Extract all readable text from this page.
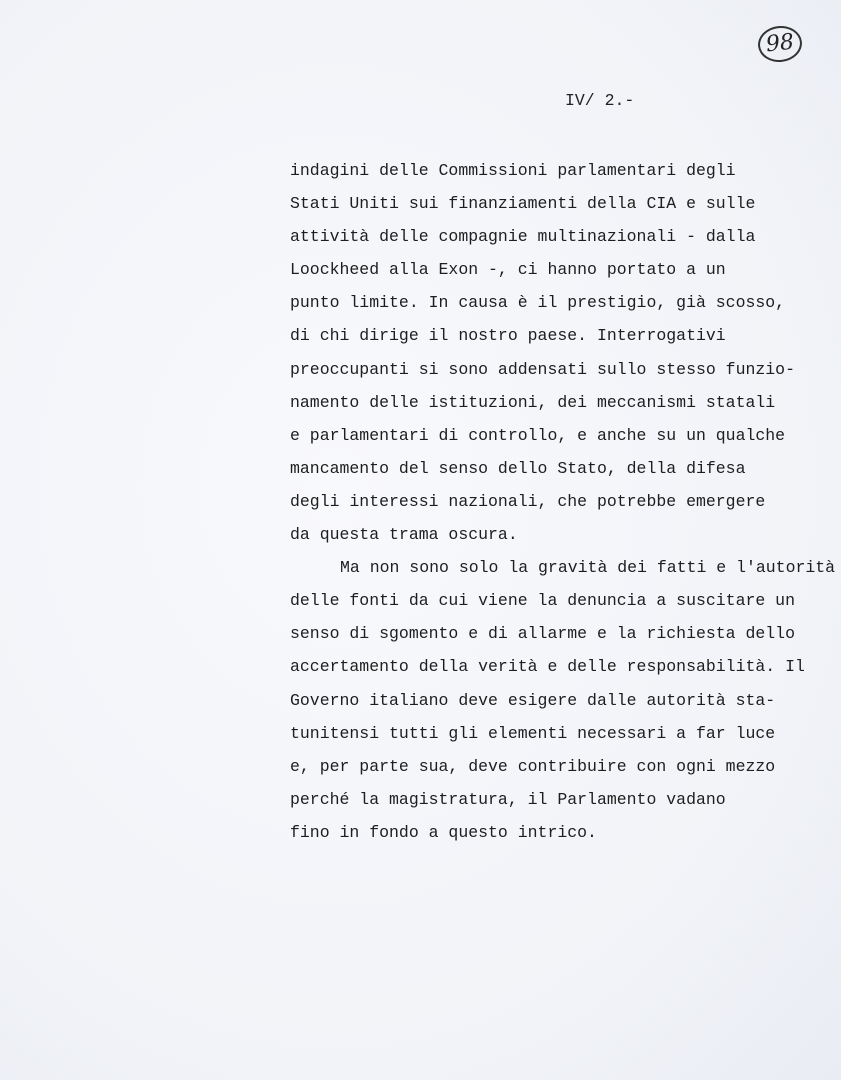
98
IV/ 2.-
indagini delle Commissioni parlamentari degli
Stati Uniti sui finanziamenti della CIA e sulle
attività delle compagnie multinazionali - dalla
Loockheed alla Exon -, ci hanno portato a un
punto limite. In causa è il prestigio, già scosso,
di chi dirige il nostro paese. Interrogativi
preoccupanti si sono addensati sullo stesso funzio-
namento delle istituzioni, dei meccanismi statali
e parlamentari di controllo, e anche su un qualche
mancamento del senso dello Stato, della difesa
degli interessi nazionali, che potrebbe emergere
da questa trama oscura.
Ma non sono solo la gravità dei fatti e l'autorità
delle fonti da cui viene la denuncia a suscitare un
senso di sgomento e di allarme e la richiesta dello
accertamento della verità e delle responsabilità. Il
Governo italiano deve esigere dalle autorità sta-
tunitensi tutti gli elementi necessari a far luce
e, per parte sua, deve contribuire con ogni mezzo
perché la magistratura, il Parlamento vadano
fino in fondo a questo intrico.
